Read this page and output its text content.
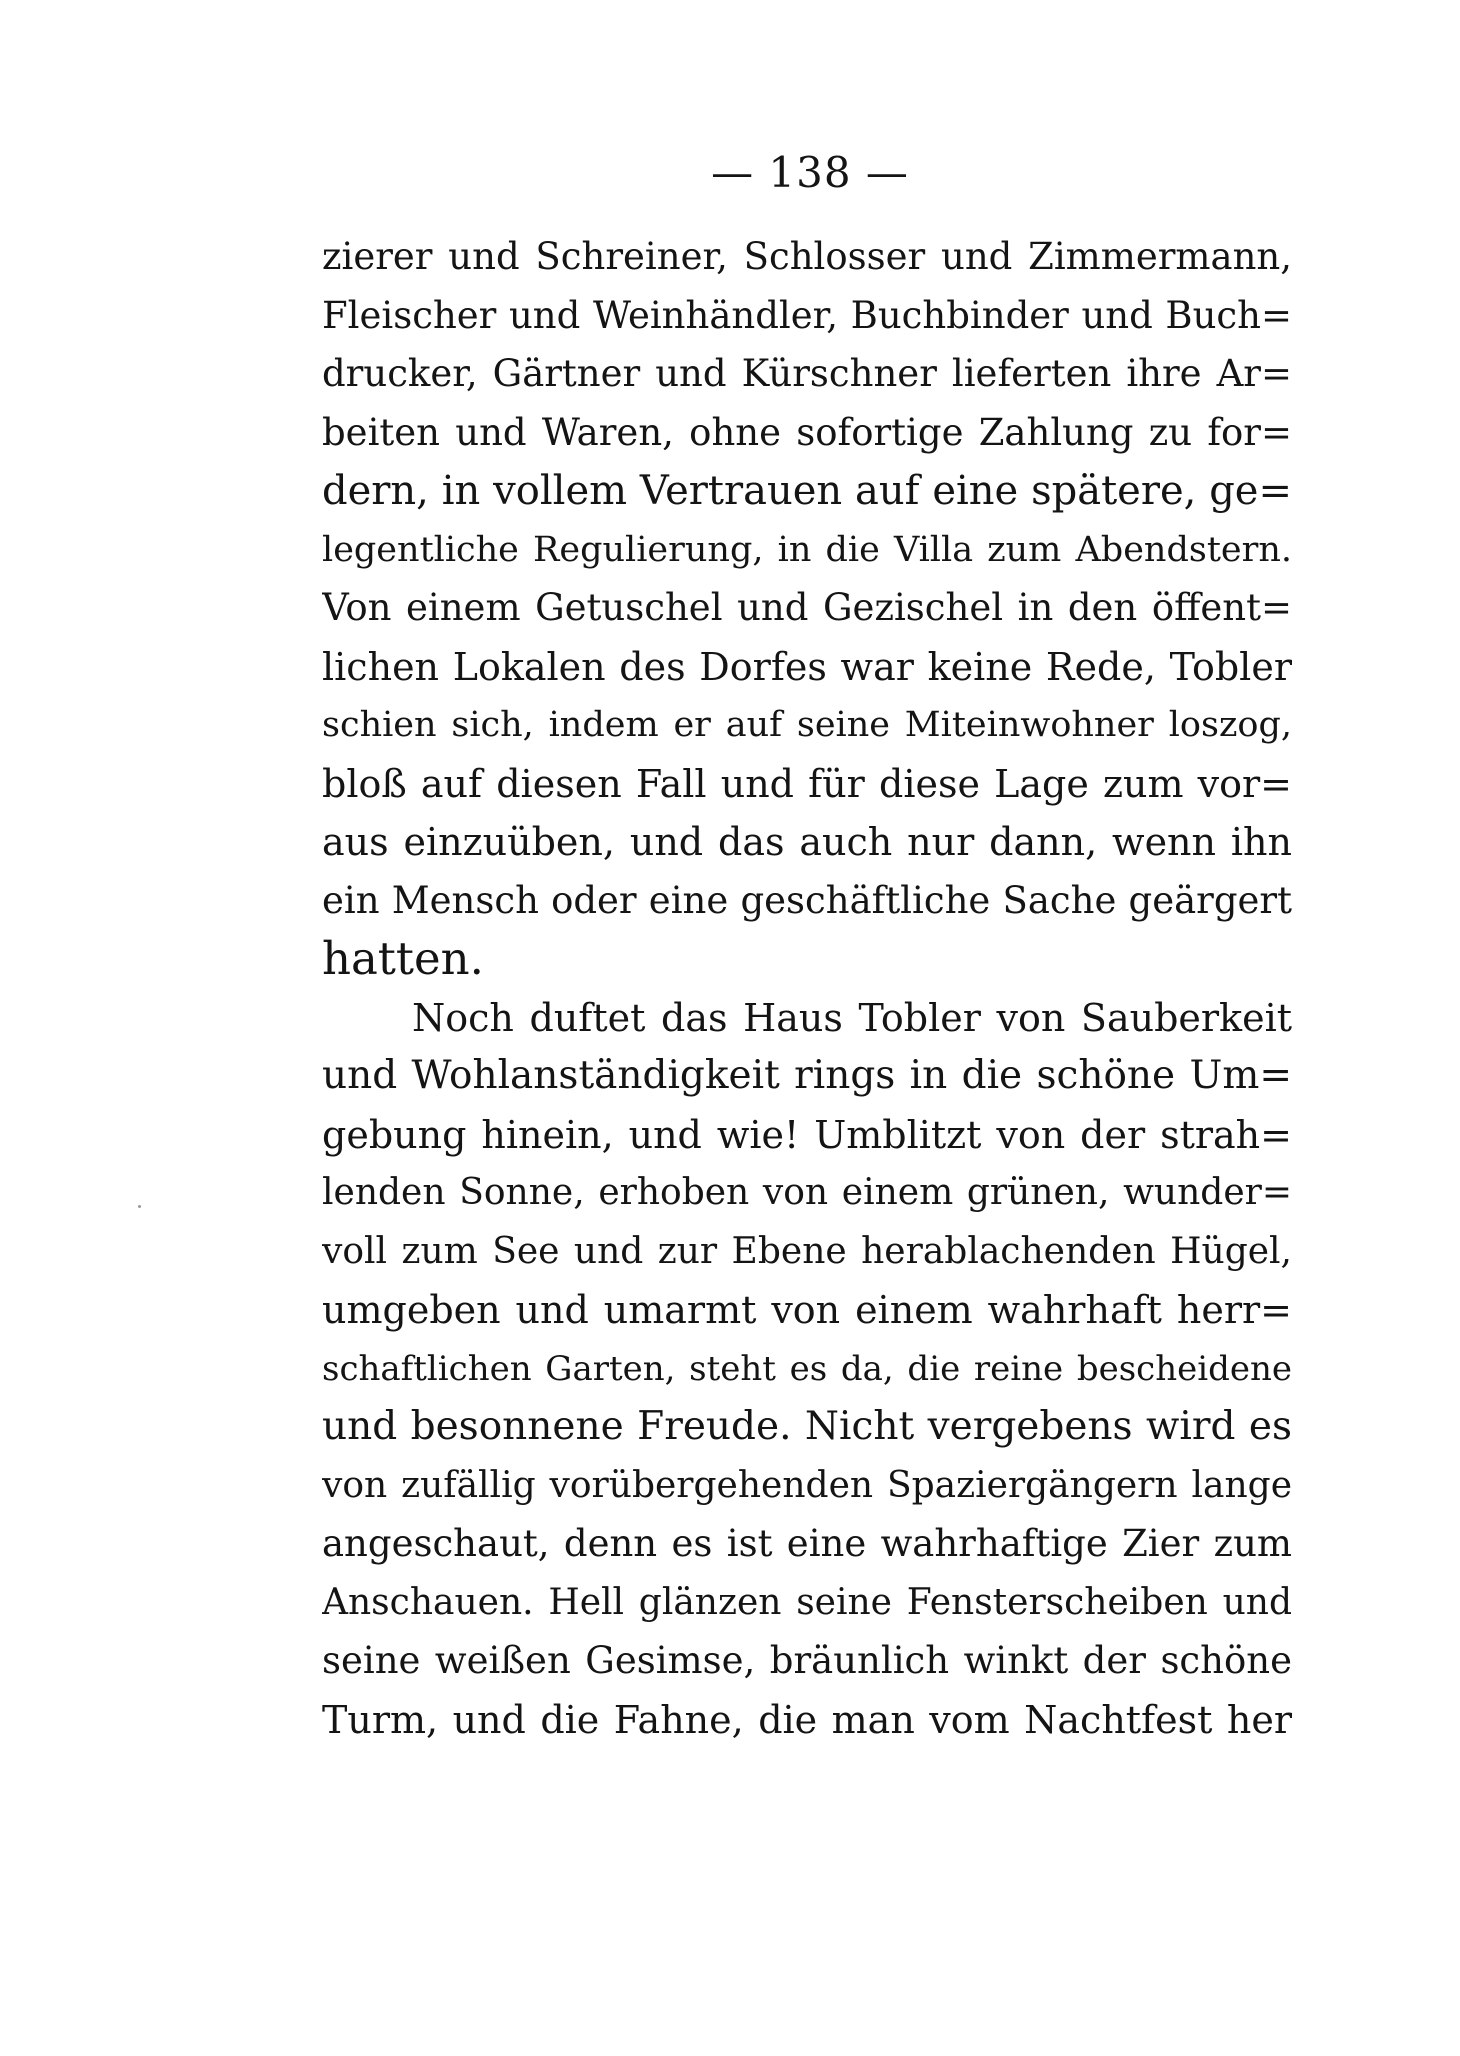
— 138 —
zierer und Schreiner, Schlosser und Zimmermann,
Fleischer und Weinhändler, Buchbinder und Buch=
drucker, Gärtner und Kürschner lieferten ihre Ar=
beiten und Waren, ohne sofortige Zahlung zu for=
dern, in vollem Vertrauen auf eine spätere, ge=
legentliche Regulierung, in die Villa zum Abendstern.
Von einem Getuschel und Gezischel in den öffent=
lichen Lokalen des Dorfes war keine Rede, Tobler
schien sich, indem er auf seine Miteinwohner loszog,
bloß auf diesen Fall und für diese Lage zum vor=
aus einzuüben, und das auch nur dann, wenn ihn
ein Mensch oder eine geschäftliche Sache geärgert
hatten.
Noch duftet das Haus Tobler von Sauberkeit
und Wohlanständigkeit rings in die schöne Um=
gebung hinein, und wie! Umblitzt von der strah=
lenden Sonne, erhoben von einem grünen, wunder=
voll zum See und zur Ebene herablachenden Hügel,
umgeben und umarmt von einem wahrhaft herr=
schaftlichen Garten, steht es da, die reine bescheidene
und besonnene Freude. Nicht vergebens wird es
von zufällig vorübergehenden Spaziergängern lange
angeschaut, denn es ist eine wahrhaftige Zier zum
Anschauen. Hell glänzen seine Fensterscheiben und
seine weißen Gesimse, bräunlich winkt der schöne
Turm, und die Fahne, die man vom Nachtfest her
